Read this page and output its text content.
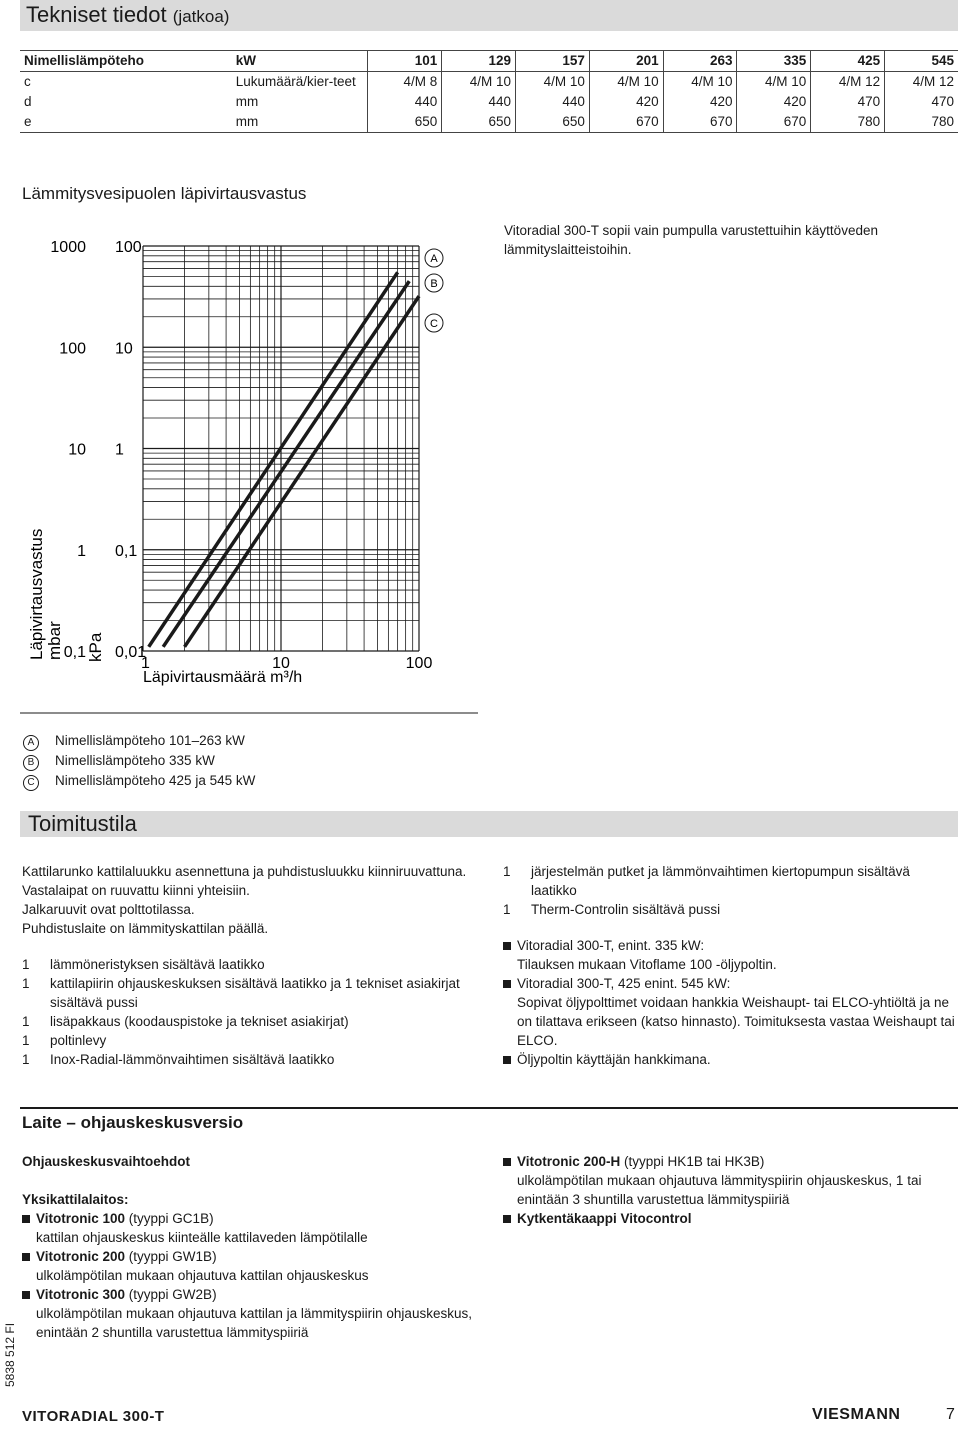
Tekniset tiedot (jatkoa)
Nimellislämpöteho	kW	101	129	157	201	263	335	425	545
c	Lukumäärä/kier-teet	4/M 8	4/M 10	4/M 10	4/M 10	4/M 10	4/M 10	4/M 12	4/M 12
d	mm	440	440	440	420	420	420	470	470
e	mm	650	650	650	670	670	670	780	780
Lämmitysvesipuolen läpivirtausvastus
Vitoradial 300-T sopii vain pumpulla varustettuihin käyttöveden lämmityslaitteistoihin.
0,01
0,1
0,1
1
1
10
10
100
100
1000
1	10	100
A
B
C
Läpivirtausvastus mbar kPa
Läpivirtausmäärä m³/h
A Nimellislämpöteho 101–263 kW
B Nimellislämpöteho 335 kW
C Nimellislämpöteho 425 ja 545 kW
Toimitustila

Kattilarunko kattilaluukku asennettuna ja puhdistusluukku kiinniruuvattuna.

Vastalaipat on ruuvattu kiinni yhteisiin.

Jalkaruuvit ovat polttotilassa.

Puhdistuslaite on lämmityskattilan päällä.

1	lämmöneristyksen sisältävä laatikko
1	kattilapiirin ohjauskeskuksen sisältävä laatikko ja 1 tekniset asiakirjat sisältävä pussi
1	lisäpakkaus (koodauspistoke ja tekniset asiakirjat)
1	poltinlevy
1	Inox-Radial-lämmönvaihtimen sisältävä laatikko
1	järjestelmän putket ja lämmönvaihtimen kiertopumpun sisältävä laatikko
1	Therm-Controlin sisältävä pussi
Vitoradial 300-T, enint. 335 kW:
Tilauksen mukaan Vitoflame 100 -öljypoltin.
Vitoradial 300-T, 425 enint. 545 kW:
Sopivat öljypolttimet voidaan hankkia Weishaupt- tai ELCO-yhtiöltä ja ne on tilattava erikseen (katso hinnasto). Toimituksesta vastaa Weishaupt tai ELCO.
Öljypoltin käyttäjän hankkimana.
Laite – ohjauskeskusversio
Ohjauskeskusvaihtoehdot
Yksikattilalaitos:
Vitotronic 100 (tyyppi GC1B)
kattilan ohjauskeskus kiinteälle kattilaveden lämpötilalle
Vitotronic 200 (tyyppi GW1B)
ulkolämpötilan mukaan ohjautuva kattilan ohjauskeskus
Vitotronic 300 (tyyppi GW2B)
ulkolämpötilan mukaan ohjautuva kattilan ja lämmityspiirin ohjauskeskus, enintään 2 shuntilla varustettua lämmityspiiriä
Vitotronic 200-H (tyyppi HK1B tai HK3B)
ulkolämpötilan mukaan ohjautuva lämmityspiirin ohjauskeskus, 1 tai enintään 3 shuntilla varustettua lämmityspiiriä
Kytkentäkaappi Vitocontrol
5838 512 FI
VITORADIAL 300-T	VIESMANN	7
